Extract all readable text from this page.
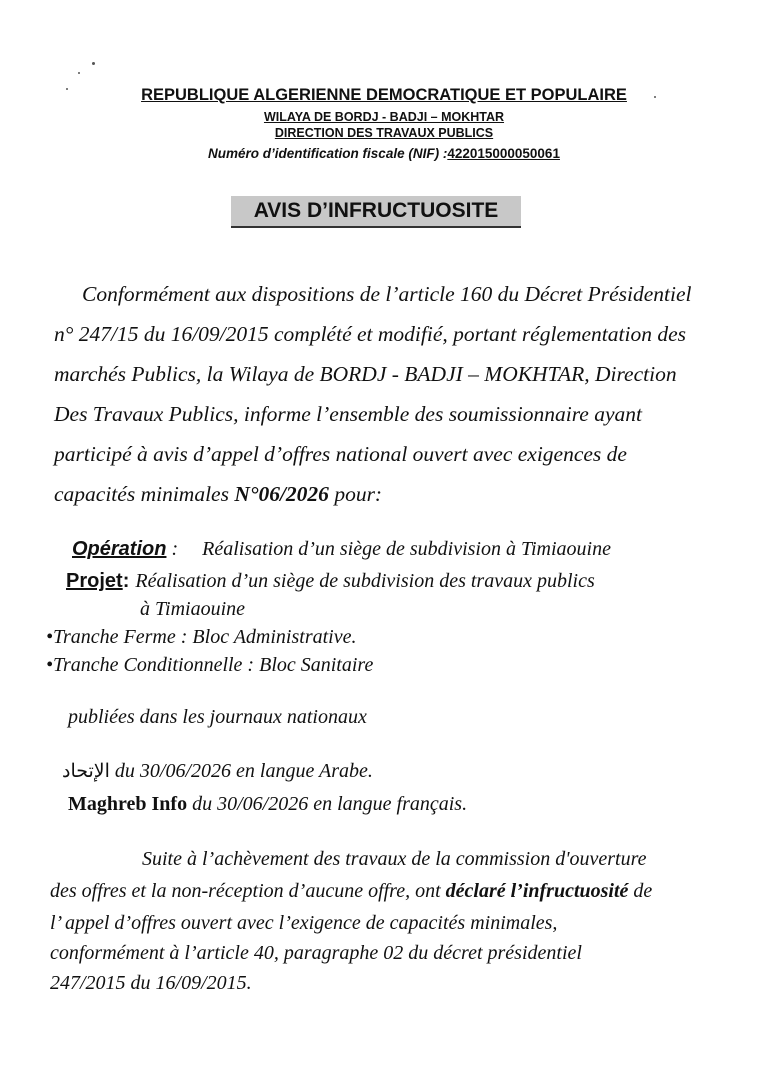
REPUBLIQUE ALGERIENNE DEMOCRATIQUE ET POPULAIRE
WILAYA DE BORDJ - BADJI – MOKHTAR
DIRECTION DES TRAVAUX PUBLICS
Numéro d’identification fiscale (NIF) :422015000050061
AVIS D’INFRUCTUOSITE
Conformément aux dispositions de l’article 160 du Décret Présidentiel
n° 247/15 du 16/09/2015 complété et modifié, portant réglementation des
marchés Publics, la Wilaya de BORDJ - BADJI – MOKHTAR, Direction
Des Travaux Publics, informe l’ensemble des soumissionnaire ayant
participé à avis d’appel d’offres national ouvert avec exigences de
capacités minimales N°06/2026 pour:
Opération : Réalisation d’un siège de subdivision à Timiaouine
Projet: Réalisation d’un siège de subdivision des travaux publics
à Timiaouine
•Tranche Ferme : Bloc Administrative.
•Tranche Conditionnelle : Bloc Sanitaire
publiées dans les journaux nationaux
الإتحاد du 30/06/2026 en langue Arabe.
Maghreb Info du 30/06/2026 en langue français.
Suite à l’achèvement des travaux de la commission d'ouverture
des offres et la non-réception d’aucune offre, ont déclaré l’infructuosité de
l’ appel d’offres ouvert avec l’exigence de capacités minimales,
conformément à l’article 40, paragraphe 02 du décret présidentiel
247/2015 du 16/09/2015.
